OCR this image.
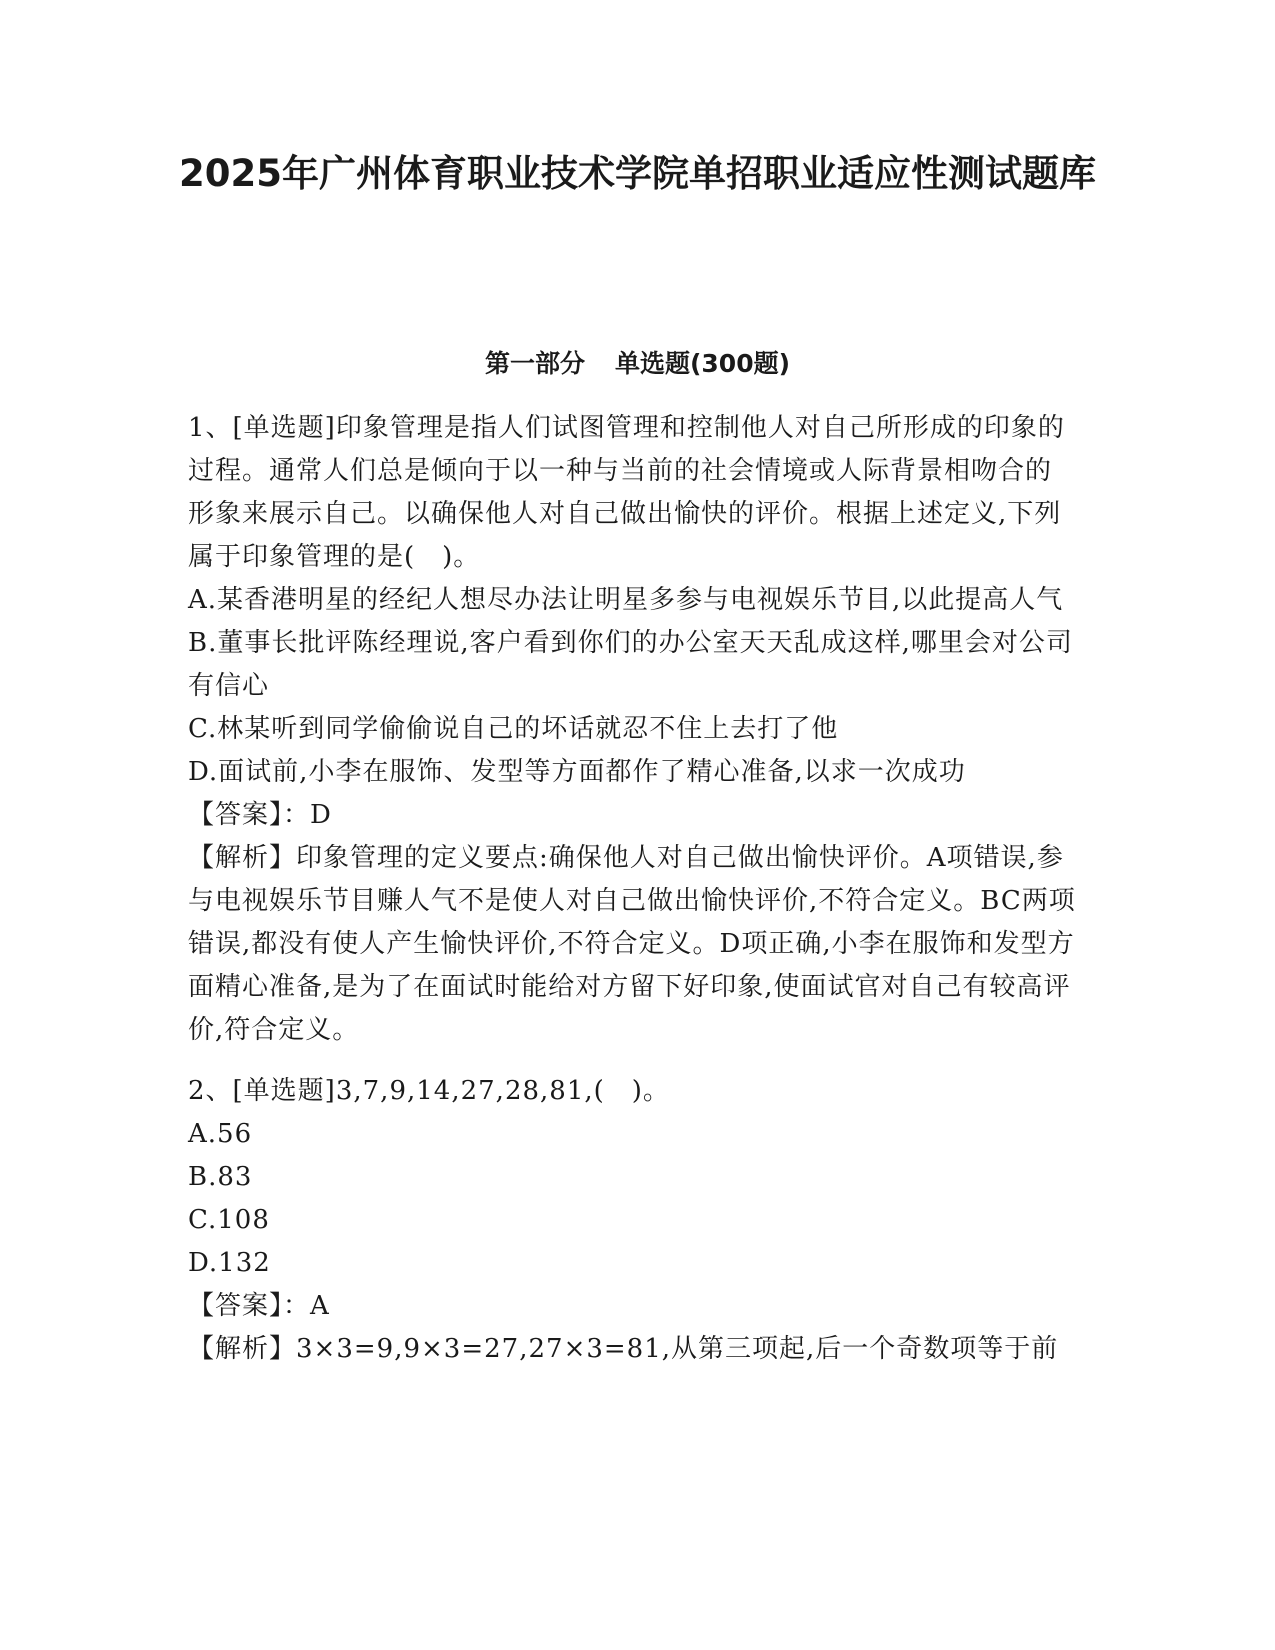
2025年广州体育职业技术学院单招职业适应性测试题库
第一部分 单选题(300题)

1、[单选题]印象管理是指人们试图管理和控制他人对自己所形成的印象的过程。通常人们总是倾向于以一种与当前的社会情境或人际背景相吻合的形象来展示自己。以确保他人对自己做出愉快的评价。根据上述定义,下列属于印象管理的是(　)。

A.某香港明星的经纪人想尽办法让明星多参与电视娱乐节目,以此提高人气

B.董事长批评陈经理说,客户看到你们的办公室天天乱成这样,哪里会对公司有信心

C.林某听到同学偷偷说自己的坏话就忍不住上去打了他

D.面试前,小李在服饰、发型等方面都作了精心准备,以求一次成功

【答案】：D

【解析】印象管理的定义要点:确保他人对自己做出愉快评价。A项错误,参与电视娱乐节目赚人气不是使人对自己做出愉快评价,不符合定义。BC两项错误,都没有使人产生愉快评价,不符合定义。D项正确,小李在服饰和发型方面精心准备,是为了在面试时能给对方留下好印象,使面试官对自己有较高评价,符合定义。

2、[单选题]3,7,9,14,27,28,81,(　)。

A.56

B.83

C.108

D.132

【答案】：A

【解析】3×3=9,9×3=27,27×3=81,从第三项起,后一个奇数项等于前
